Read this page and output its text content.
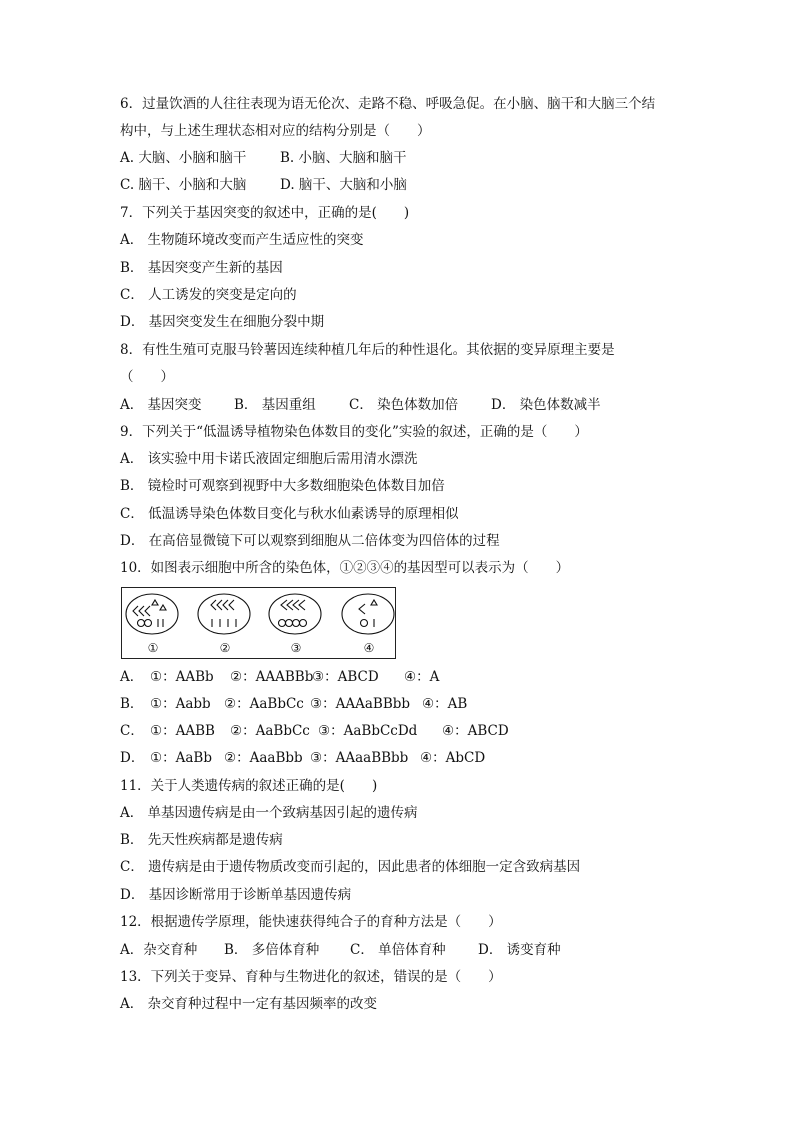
6．过量饮酒的人往往表现为语无伦次、走路不稳、呼吸急促。在小脑、脑干和大脑三个结
构中，与上述生理状态相对应的结构分别是（　　）
A. 大脑、小脑和脑干 B. 小脑、大脑和脑干
C. 脑干、小脑和大脑 D. 脑干、大脑和小脑
7．下列关于基因突变的叙述中，正确的是(　　)
A． 生物随环境改变而产生适应性的突变
B． 基因突变产生新的基因
C． 人工诱发的突变是定向的
D． 基因突变发生在细胞分裂中期
8．有性生殖可克服马铃薯因连续种植几年后的种性退化。其依据的变异原理主要是
（　　）
A． 基因突变 B． 基因重组 C． 染色体数加倍 D． 染色体数减半
9．下列关于“低温诱导植物染色体数目的变化”实验的叙述，正确的是（　　）
A． 该实验中用卡诺氏液固定细胞后需用清水漂洗
B． 镜检时可观察到视野中大多数细胞染色体数目加倍
C． 低温诱导染色体数目变化与秋水仙素诱导的原理相似
D． 在高倍显微镜下可以观察到细胞从二倍体变为四倍体的过程
10．如图表示细胞中所含的染色体，①②③④的基因型可以表示为（　　）
①	②	③	④
A． ①：AABb ②：AAABBb③：ABCD ④：A
B． ①：Aabb ②：AaBbCc ③：AAAaBBbb ④：AB
C． ①：AABB ②：AaBbCc ③：AaBbCcDd ④：ABCD
D． ①：AaBb ②：AaaBbb ③：AAaaBBbb ④：AbCD
11．关于人类遗传病的叙述正确的是(　　)
A． 单基因遗传病是由一个致病基因引起的遗传病
B． 先天性疾病都是遗传病
C． 遗传病是由于遗传物质改变而引起的，因此患者的体细胞一定含致病基因
D． 基因诊断常用于诊断单基因遗传病
12．根据遗传学原理，能快速获得纯合子的育种方法是（　　）
A．杂交育种 B． 多倍体育种 C． 单倍体育种 D． 诱变育种
13．下列关于变异、育种与生物进化的叙述，错误的是（　　）
A． 杂交育种过程中一定有基因频率的改变
